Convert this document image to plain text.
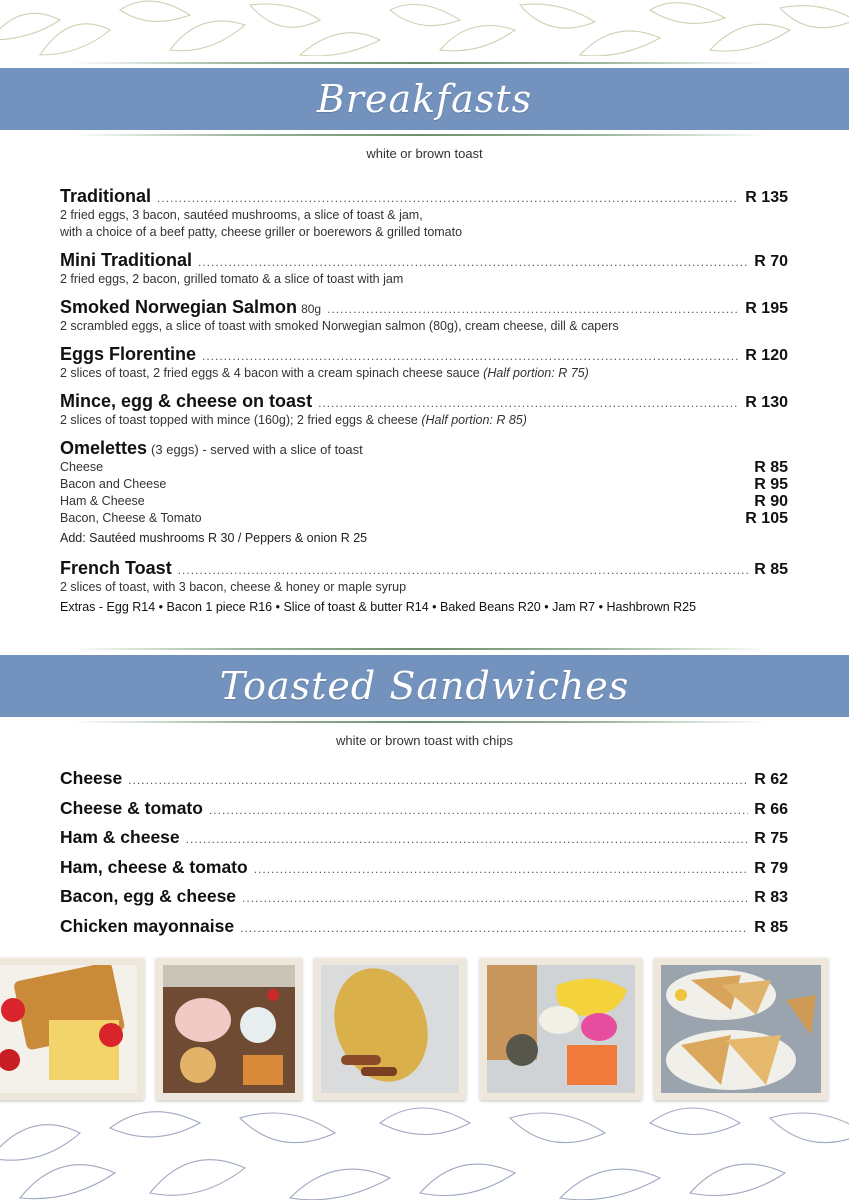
Breakfasts
white or brown toast
Traditional .....	R 135
2 fried eggs, 3 bacon, sautéed mushrooms, a slice of toast & jam,
with a choice of a beef patty, cheese griller or boerewors & grilled tomato
Mini Traditional .....	R 70
2 fried eggs, 2 bacon, grilled tomato & a slice of toast with jam
Smoked Norwegian Salmon 80g .....	R 195
2 scrambled eggs, a slice of toast with smoked Norwegian salmon (80g), cream cheese, dill & capers
Eggs Florentine .....	R 120
2 slices of toast, 2 fried eggs & 4 bacon with a cream spinach cheese sauce (Half portion: R 75)
Mince, egg & cheese on toast .....	R 130
2 slices of toast topped with mince (160g); 2 fried eggs & cheese (Half portion: R 85)
Omelettes (3 eggs) - served with a slice of toast
Cheese	R 85
Bacon and Cheese	R 95
Ham & Cheese	R 90
Bacon, Cheese & Tomato	R 105
Add: Sautéed mushrooms R 30 / Peppers & onion R 25
French Toast .....	R 85
2 slices of toast, with 3 bacon, cheese & honey or maple syrup
Extras - Egg R14 • Bacon 1 piece R16 • Slice of toast & butter R14 • Baked Beans R20 • Jam R7 • Hashbrown R25
Toasted Sandwiches
white or brown toast with chips
Cheese .....	R 62
Cheese & tomato .....	R 66
Ham & cheese .....	R 75
Ham, cheese & tomato .....	R 79
Bacon, egg & cheese .....	R 83
Chicken mayonnaise .....	R 85
